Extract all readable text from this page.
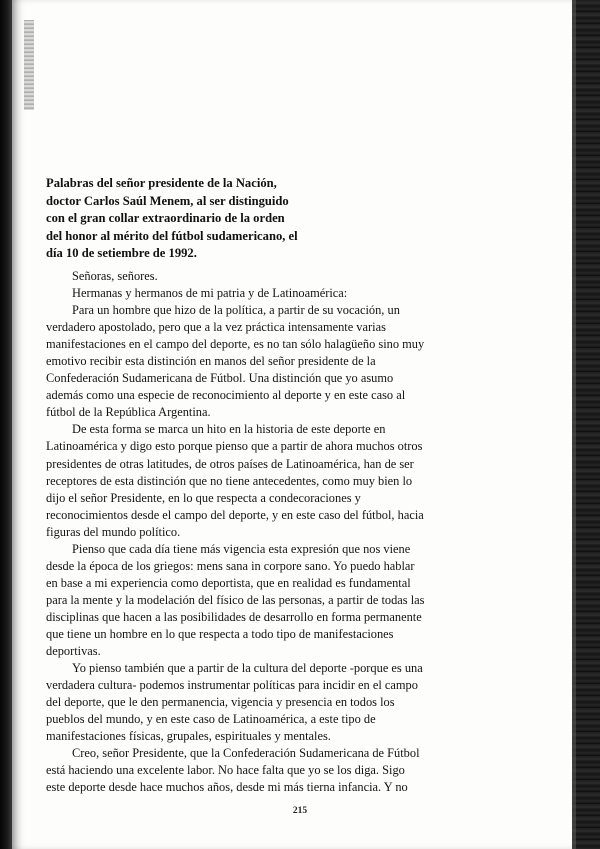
Palabras del señor presidente de la Nación,
doctor Carlos Saúl Menem, al ser distinguido
con el gran collar extraordinario de la orden
del honor al mérito del fútbol sudamericano, el
día 10 de setiembre de 1992.
Señoras, señores.
Hermanas y hermanos de mi patria y de Latinoamérica:
Para un hombre que hizo de la política, a partir de su vocación, un
verdadero apostolado, pero que a la vez práctica intensamente varias
manifestaciones en el campo del deporte, es no tan sólo halagüeño sino muy
emotivo recibir esta distinción en manos del señor presidente de la
Confederación Sudamericana de Fútbol. Una distinción que yo asumo
además como una especie de reconocimiento al deporte y en este caso al
fútbol de la República Argentina.
De esta forma se marca un hito en la historia de este deporte en
Latinoamérica y digo esto porque pienso que a partir de ahora muchos otros
presidentes de otras latitudes, de otros países de Latinoamérica, han de ser
receptores de esta distinción que no tiene antecedentes, como muy bien lo
dijo el señor Presidente, en lo que respecta a condecoraciones y
reconocimientos desde el campo del deporte, y en este caso del fútbol, hacia
figuras del mundo político.
Pienso que cada día tiene más vigencia esta expresión que nos viene
desde la época de los griegos: mens sana in corpore sano. Yo puedo hablar
en base a mi experiencia como deportista, que en realidad es fundamental
para la mente y la modelación del físico de las personas, a partir de todas las
disciplinas que hacen a las posibilidades de desarrollo en forma permanente
que tiene un hombre en lo que respecta a todo tipo de manifestaciones
deportivas.
Yo pienso también que a partir de la cultura del deporte -porque es una
verdadera cultura- podemos instrumentar políticas para incidir en el campo
del deporte, que le den permanencia, vigencia y presencia en todos los
pueblos del mundo, y en este caso de Latinoamérica, a este tipo de
manifestaciones físicas, grupales, espirituales y mentales.
Creo, señor Presidente, que la Confederación Sudamericana de Fútbol
está haciendo una excelente labor. No hace falta que yo se los diga. Sigo
este deporte desde hace muchos años, desde mi más tierna infancia. Y no
215
